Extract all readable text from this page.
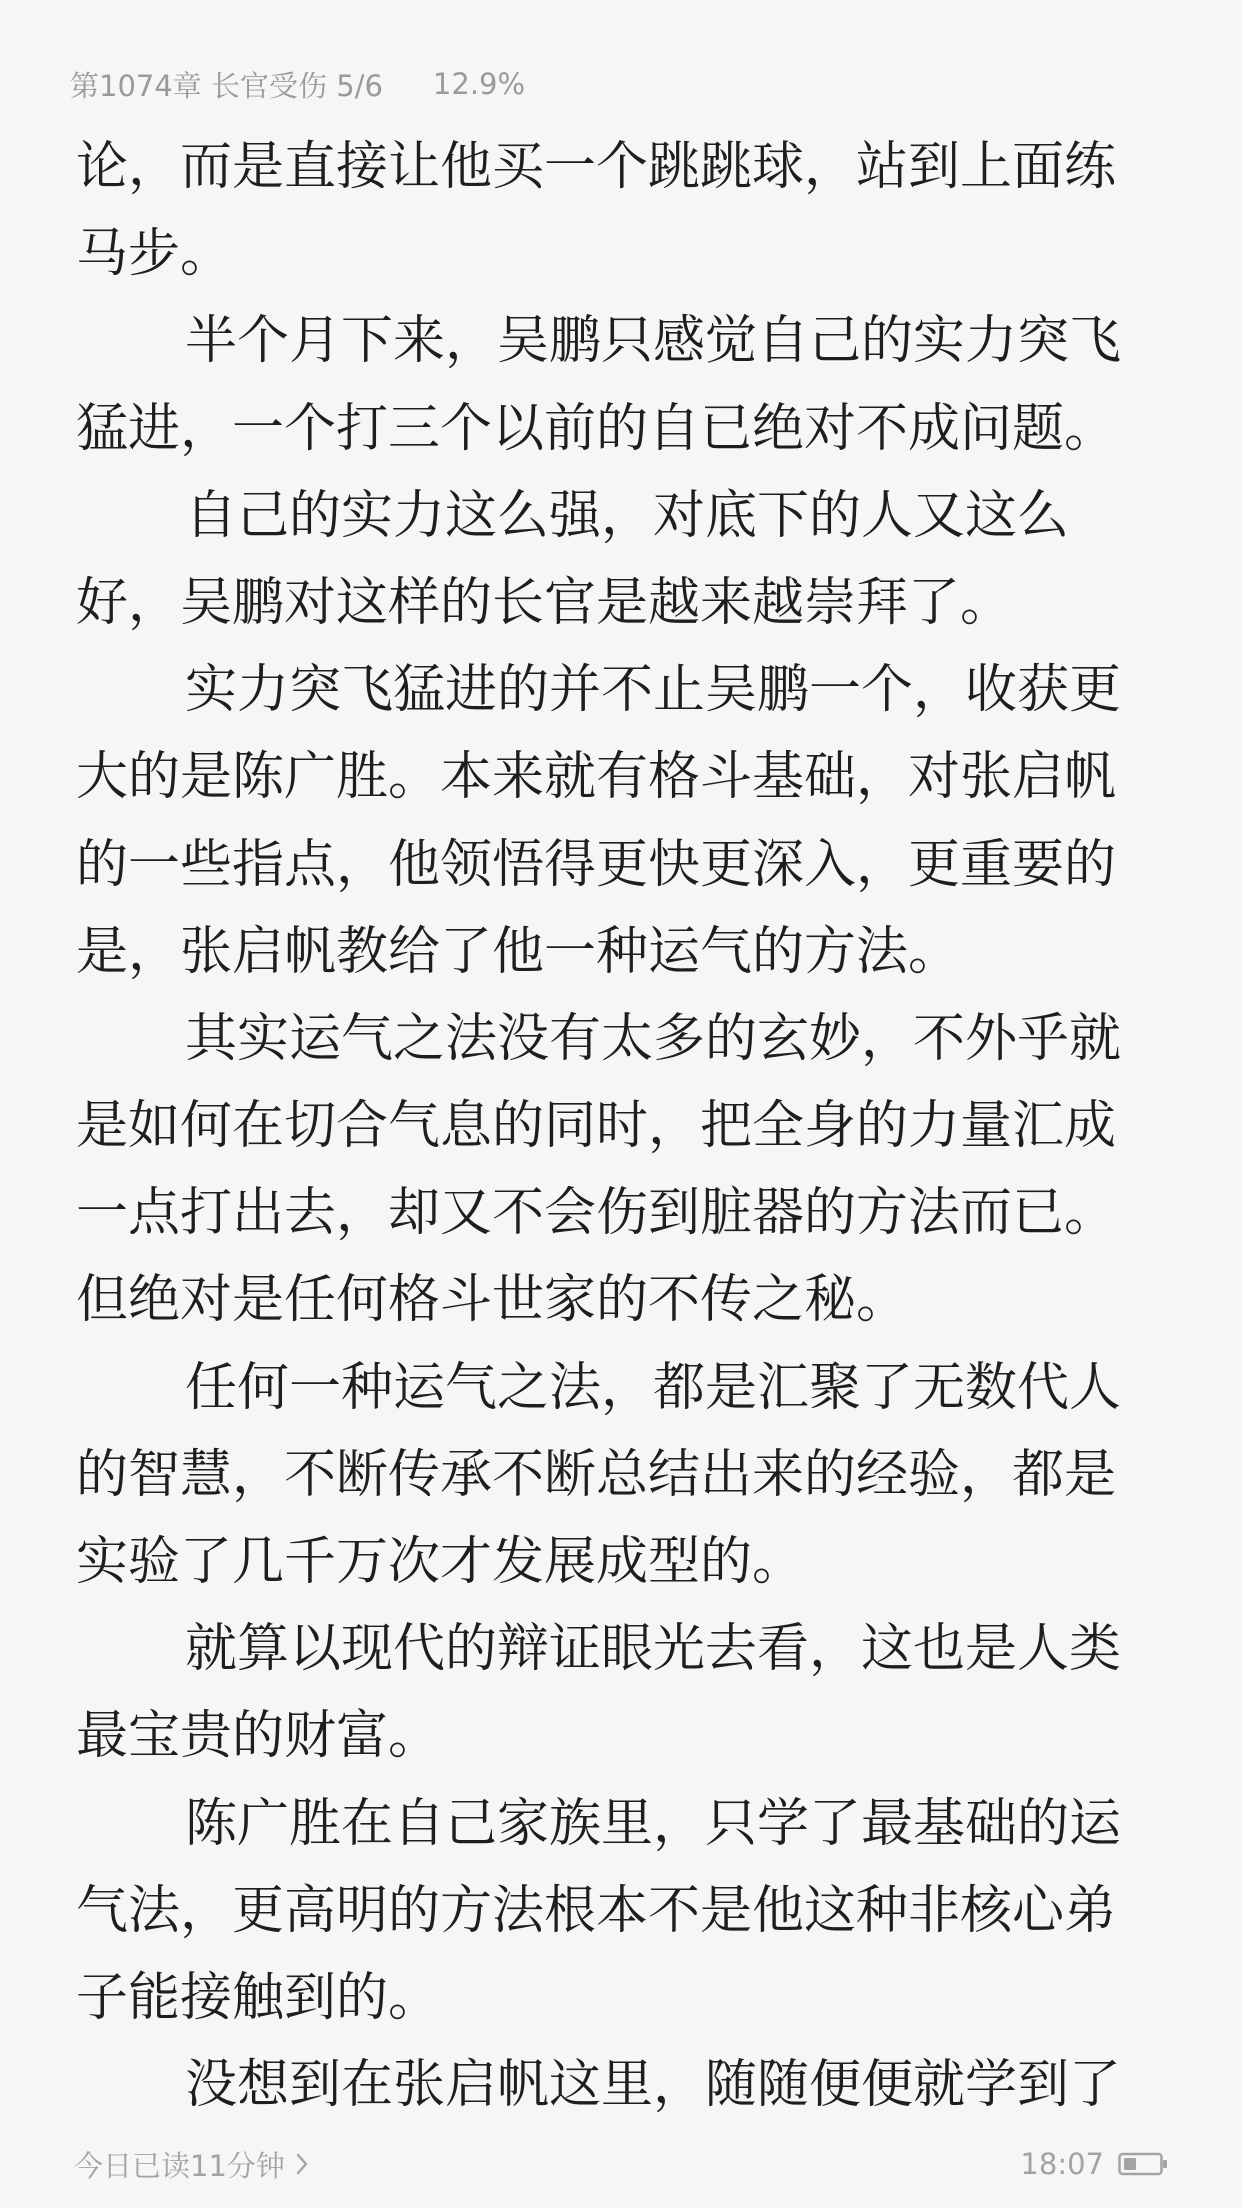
第1074章 长官受伤 5/6 12.9%
论，而是直接让他买一个跳跳球，站到上面练
马步。
半个月下来，吴鹏只感觉自己的实力突飞
猛进，一个打三个以前的自已绝对不成问题。
自己的实力这么强，对底下的人又这么
好，吴鹏对这样的长官是越来越崇拜了。
实力突飞猛进的并不止吴鹏一个，收获更
大的是陈广胜。本来就有格斗基础，对张启帆
的一些指点，他领悟得更快更深入，更重要的
是，张启帆教给了他一种运气的方法。
其实运气之法没有太多的玄妙，不外乎就
是如何在切合气息的同时，把全身的力量汇成
一点打出去，却又不会伤到脏器的方法而已。
但绝对是任何格斗世家的不传之秘。
任何一种运气之法，都是汇聚了无数代人
的智慧，不断传承不断总结出来的经验，都是
实验了几千万次才发展成型的。
就算以现代的辩证眼光去看，这也是人类
最宝贵的财富。
陈广胜在自己家族里，只学了最基础的运
气法，更高明的方法根本不是他这种非核心弟
子能接触到的。
没想到在张启帆这里，随随便便就学到了
今日已读11分钟	18:07
